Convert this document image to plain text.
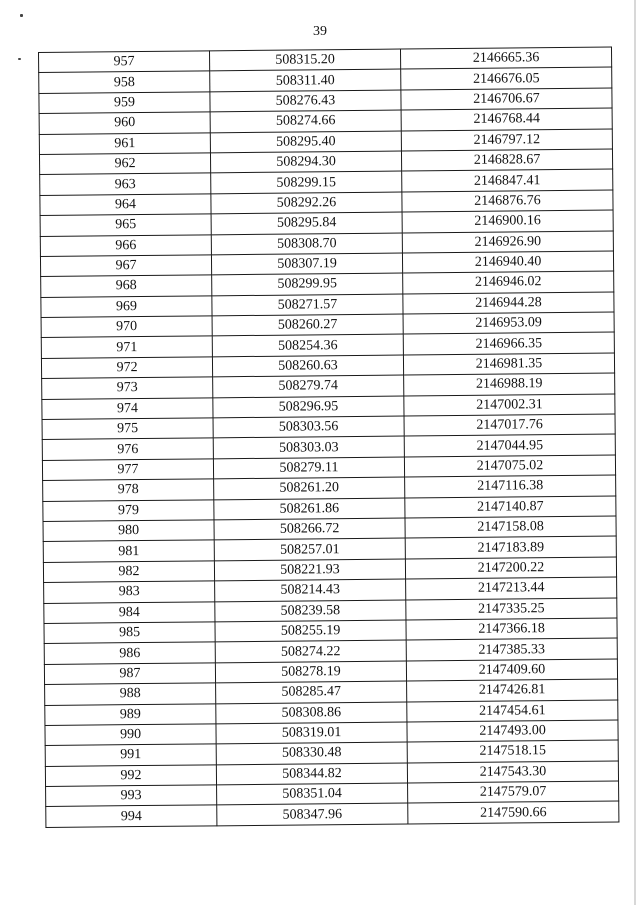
39
957	508315.20	2146665.36
958	508311.40	2146676.05
959	508276.43	2146706.67
960	508274.66	2146768.44
961	508295.40	2146797.12
962	508294.30	2146828.67
963	508299.15	2146847.41
964	508292.26	2146876.76
965	508295.84	2146900.16
966	508308.70	2146926.90
967	508307.19	2146940.40
968	508299.95	2146946.02
969	508271.57	2146944.28
970	508260.27	2146953.09
971	508254.36	2146966.35
972	508260.63	2146981.35
973	508279.74	2146988.19
974	508296.95	2147002.31
975	508303.56	2147017.76
976	508303.03	2147044.95
977	508279.11	2147075.02
978	508261.20	2147116.38
979	508261.86	2147140.87
980	508266.72	2147158.08
981	508257.01	2147183.89
982	508221.93	2147200.22
983	508214.43	2147213.44
984	508239.58	2147335.25
985	508255.19	2147366.18
986	508274.22	2147385.33
987	508278.19	2147409.60
988	508285.47	2147426.81
989	508308.86	2147454.61
990	508319.01	2147493.00
991	508330.48	2147518.15
992	508344.82	2147543.30
993	508351.04	2147579.07
994	508347.96	2147590.66
